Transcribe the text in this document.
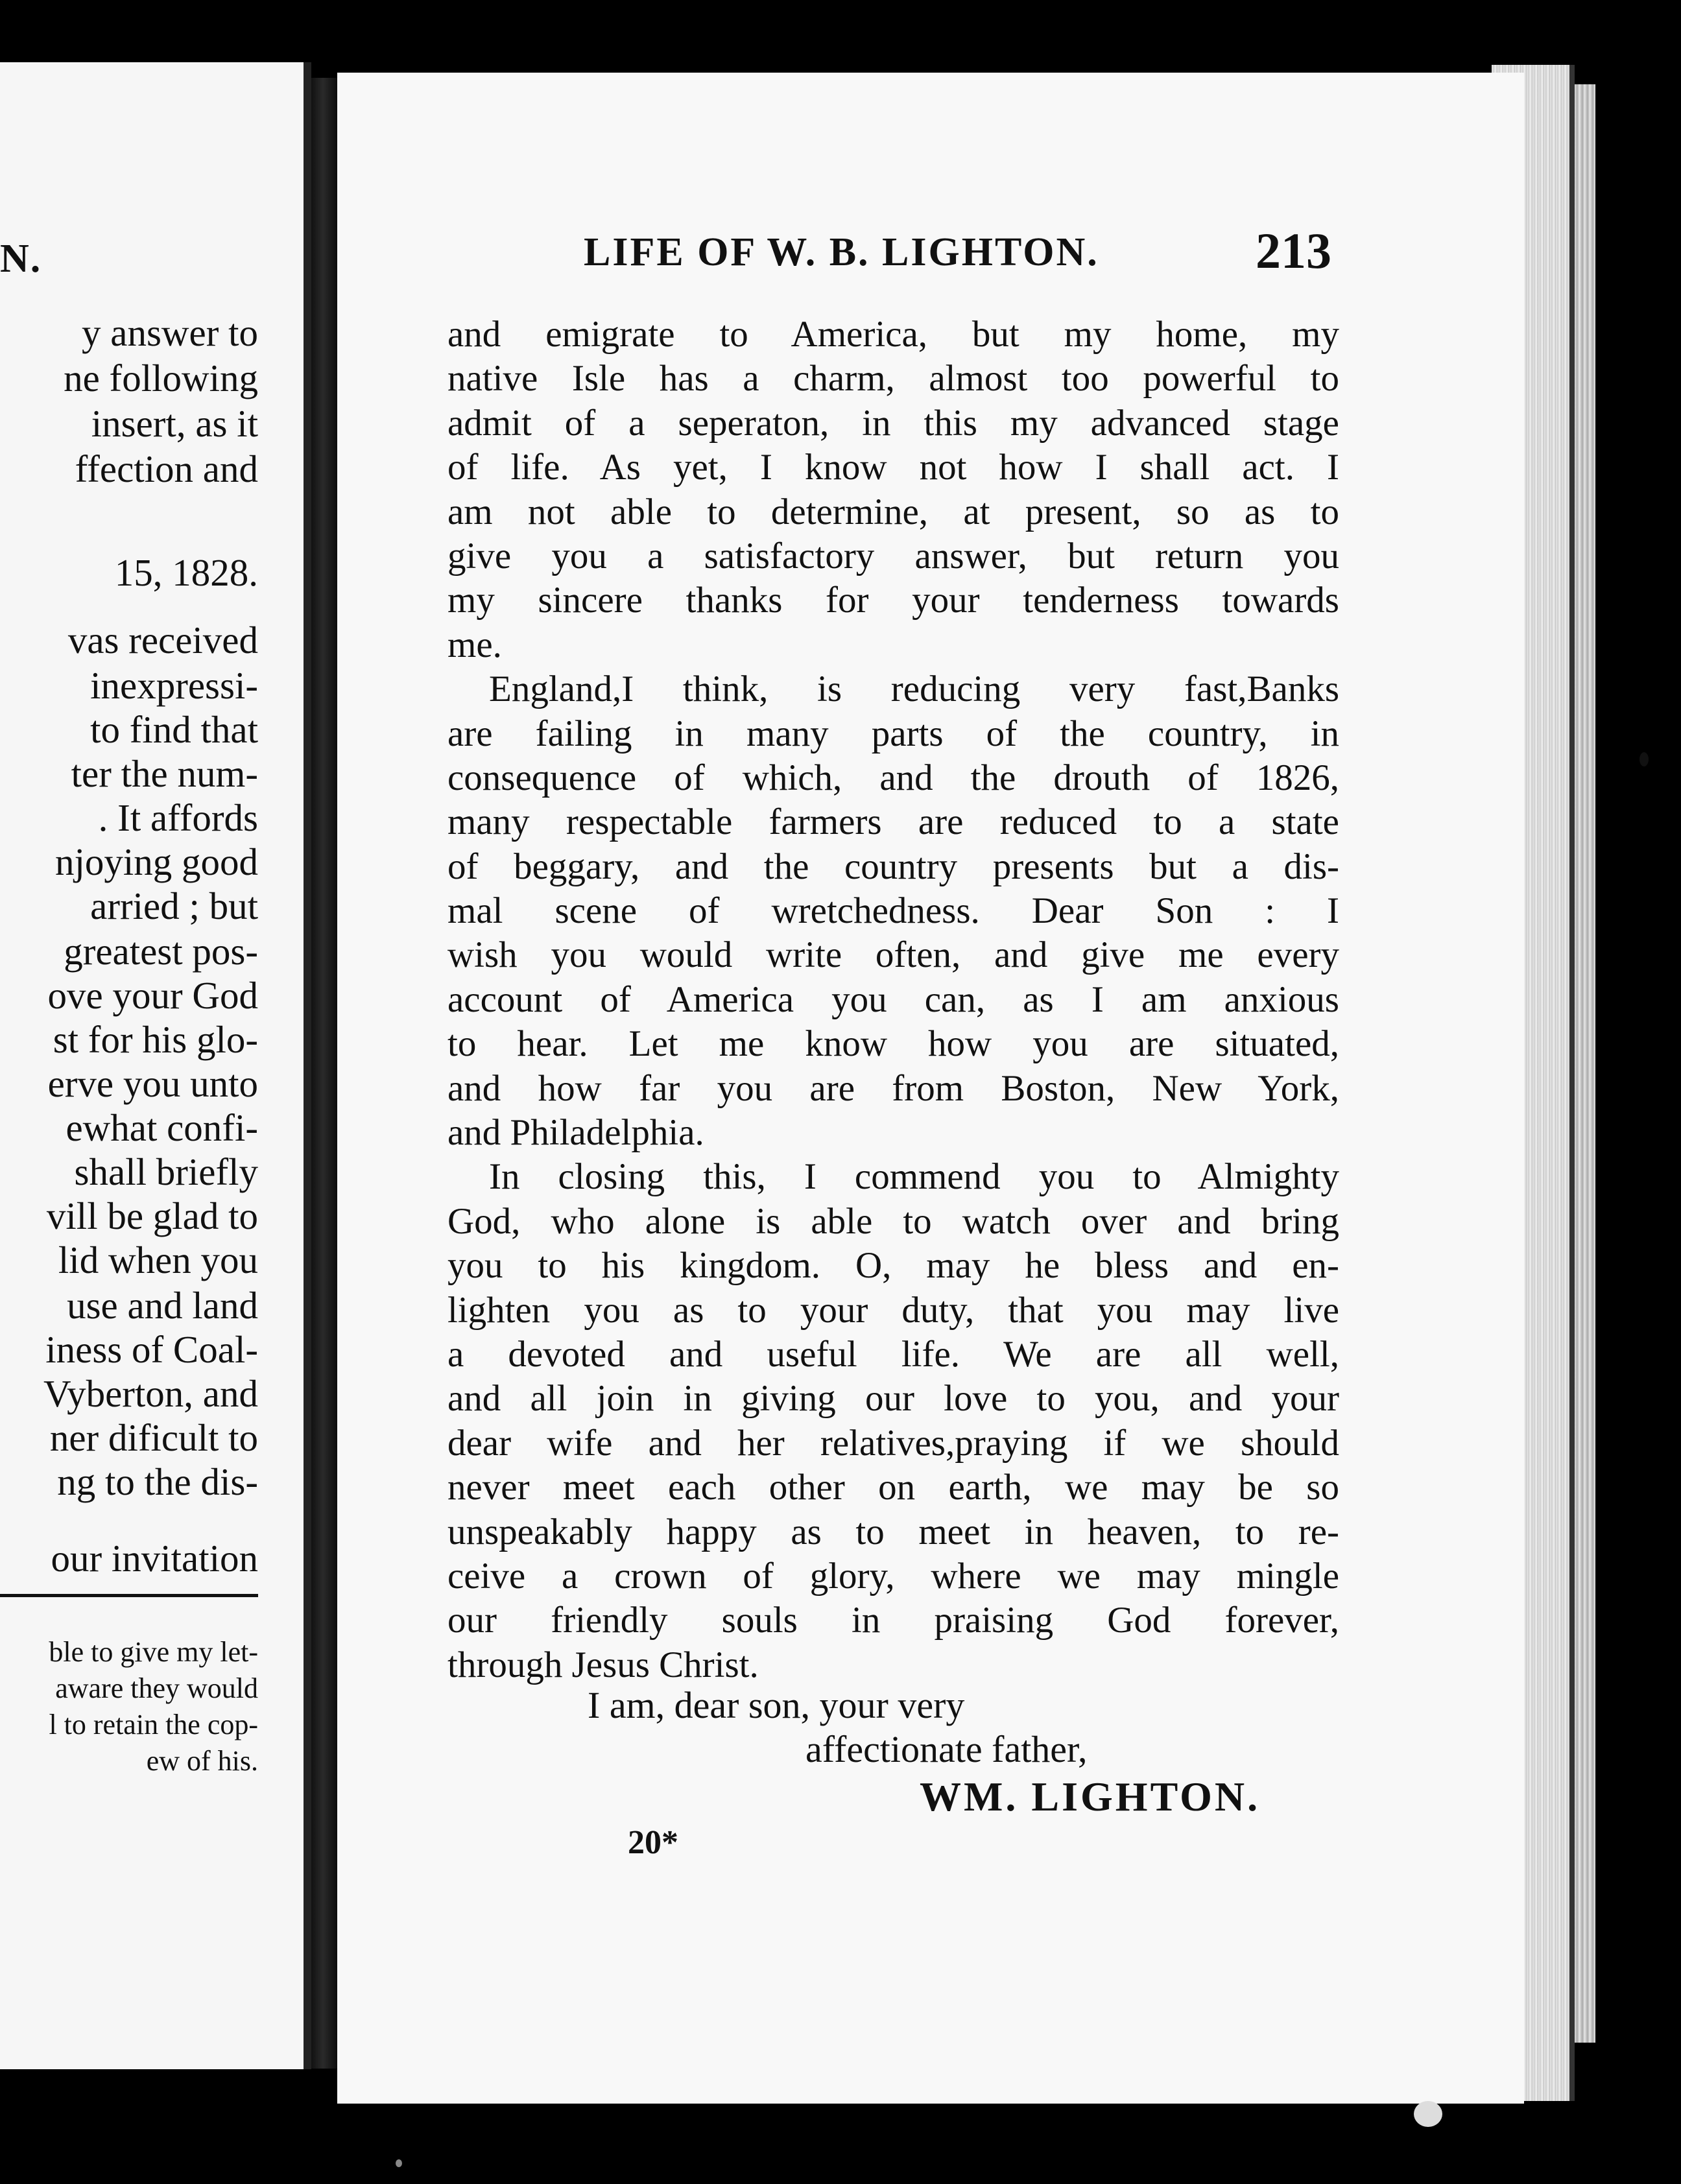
N.
y answer to
ne following
insert, as it
ffection and
15, 1828.
vas received
inexpressi-
to find that
ter the num-
. It affords
njoying good
arried ; but
greatest pos-
ove your God
st for his glo-
erve you unto
ewhat confi-
shall briefly
vill be glad to
lid when you
use and land
iness of Coal-
Vyberton, and
ner dificult to
ng to the dis-
our invitation
ble to give my let-
aware they would
l to retain the cop-
ew of his.
LIFE OF W. B. LIGHTON.	213
and emigrate to America, but my home, my
native Isle has a charm, almost too powerful to
admit of a seperaton, in this my advanced stage
of life. As yet, I know not how I shall act. I
am not able to determine, at present, so as to
give you a satisfactory answer, but return you
my sincere thanks for your tenderness towards
me.
England,I think, is reducing very fast,Banks
are failing in many parts of the country, in
consequence of which, and the drouth of 1826,
many respectable farmers are reduced to a state
of beggary, and the country presents but a dis-
mal scene of wretchedness. Dear Son : I
wish you would write often, and give me every
account of America you can, as I am anxious
to hear. Let me know how you are situated,
and how far you are from Boston, New York,
and Philadelphia.
In closing this, I commend you to Almighty
God, who alone is able to watch over and bring
you to his kingdom. O, may he bless and en-
lighten you as to your duty, that you may live
a devoted and useful life. We are all well,
and all join in giving our love to you, and your
dear wife and her relatives,praying if we should
never meet each other on earth, we may be so
unspeakably happy as to meet in heaven, to re-
ceive a crown of glory, where we may mingle
our friendly souls in praising God forever,
through Jesus Christ.
I am, dear son, your very
affectionate father,
WM. LIGHTON.
20*
